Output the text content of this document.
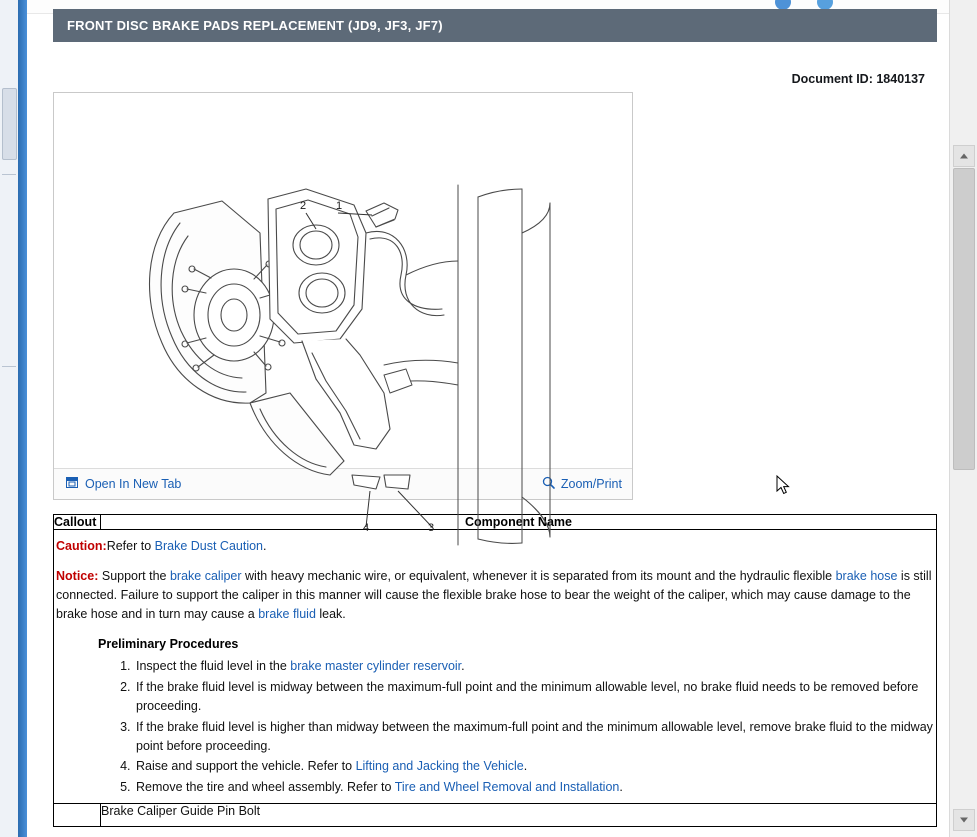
FRONT DISC BRAKE PADS REPLACEMENT (JD9, JF3, JF7)
Document ID: 1840137
1
2
3
4
Open In New Tab	Zoom/Print
Callout	Component Name

Caution:Refer to Brake Dust Caution.
Notice: Support the brake caliper with heavy mechanic wire, or equivalent, whenever it is separated from its mount and the hydraulic flexible brake hose is still connected. Failure to support the caliper in this manner will cause the flexible brake hose to bear the weight of the caliper, which may cause damage to the brake hose and in turn may cause a brake fluid leak.
Preliminary Procedures
1. Inspect the fluid level in the brake master cylinder reservoir.
2. If the brake fluid level is midway between the maximum-full point and the minimum allowable level, no brake fluid needs to be removed before proceeding.
3. If the brake fluid level is higher than midway between the maximum-full point and the minimum allowable level, remove brake fluid to the midway point before proceeding.
4. Raise and support the vehicle. Refer to Lifting and Jacking the Vehicle.
5. Remove the tire and wheel assembly. Refer to Tire and Wheel Removal and Installation.

	Brake Caliper Guide Pin Bolt
